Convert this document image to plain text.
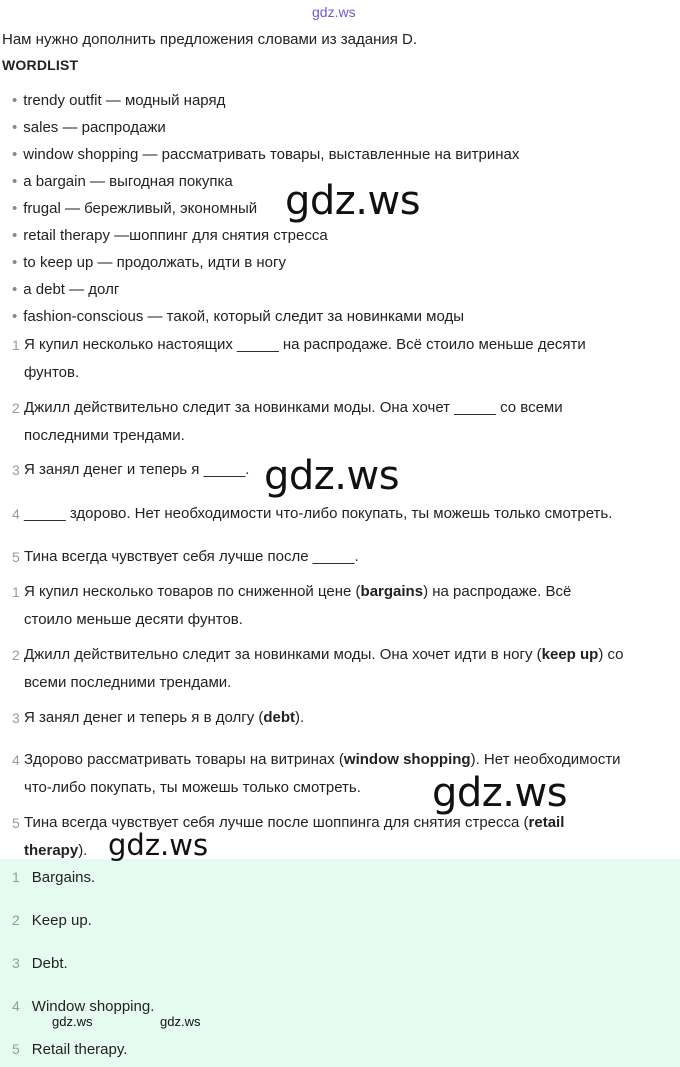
gdz.ws
Нам нужно дополнить предложения словами из задания D.
WORDLIST
• trendy outfit — модный наряд
• sales — распродажи
• window shopping — рассматривать товары, выставленные на витринах
• a bargain — выгодная покупка
• frugal — бережливый, экономный
• retail therapy —шоппинг для снятия стресса
• to keep up — продолжать, идти в ногу
• a debt — долг
• fashion-conscious — такой, который следит за новинками моды
1 Я купил несколько настоящих _____ на распродаже. Всё стоило меньше десяти
фунтов.
2 Джилл действительно следит за новинками моды. Она хочет _____ со всеми
последними трендами.
3 Я занял денег и теперь я _____.
4 _____ здорово. Нет необходимости что-либо покупать, ты можешь только смотреть.
5 Тина всегда чувствует себя лучше после _____.
1 Я купил несколько товаров по сниженной цене (bargains) на распродаже. Всё
стоило меньше десяти фунтов.
2 Джилл действительно следит за новинками моды. Она хочет идти в ногу (keep up) со
всеми последними трендами.
3 Я занял денег и теперь я в долгу (debt).
4 Здорово рассматривать товары на витринах (window shopping). Нет необходимости
что-либо покупать, ты можешь только смотреть.
5 Тина всегда чувствует себя лучше после шоппинга для снятия стресса (retail
therapy).
1 Bargains.
2 Keep up.
3 Debt.
4 Window shopping.
5 Retail therapy.
gdz.ws
gdz.ws
gdz.ws
gdz.ws
gdz.ws	gdz.ws
